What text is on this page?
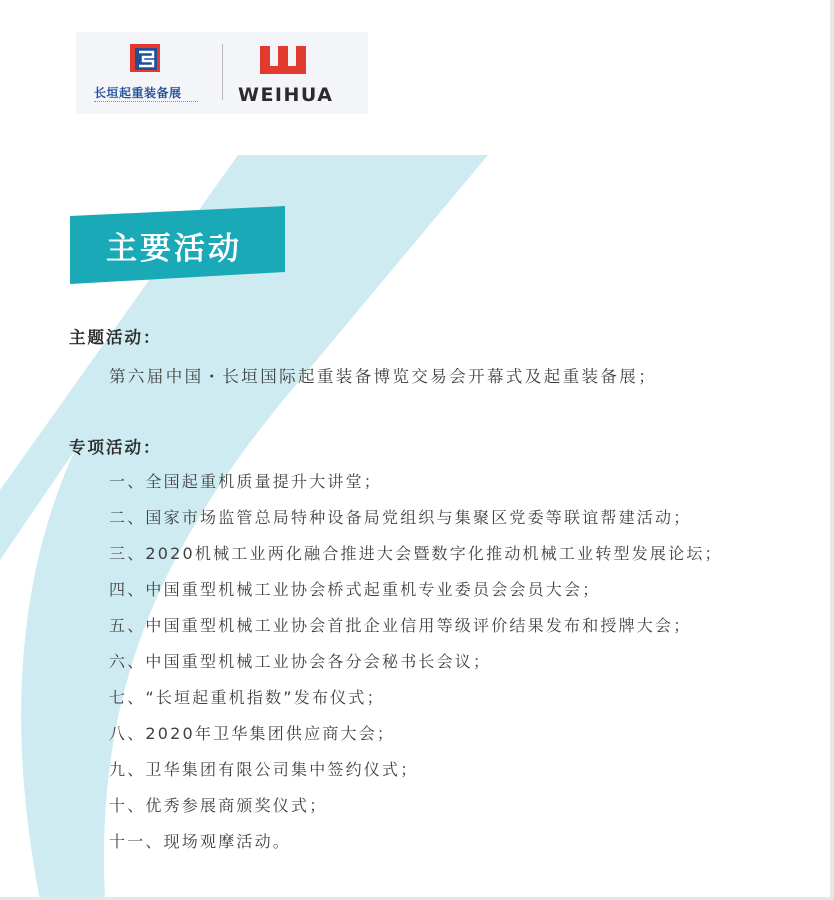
长垣起重装备展	WEIHUA
主要活动
主题活动：
第六届中国・长垣国际起重装备博览交易会开幕式及起重装备展；
专项活动：
一、全国起重机质量提升大讲堂；
二、国家市场监管总局特种设备局党组织与集聚区党委等联谊帮建活动；
三、2020机械工业两化融合推进大会暨数字化推动机械工业转型发展论坛；
四、中国重型机械工业协会桥式起重机专业委员会会员大会；
五、中国重型机械工业协会首批企业信用等级评价结果发布和授牌大会；
六、中国重型机械工业协会各分会秘书长会议；
七、“长垣起重机指数”发布仪式；
八、2020年卫华集团供应商大会；
九、卫华集团有限公司集中签约仪式；
十、优秀参展商颁奖仪式；
十一、现场观摩活动。
